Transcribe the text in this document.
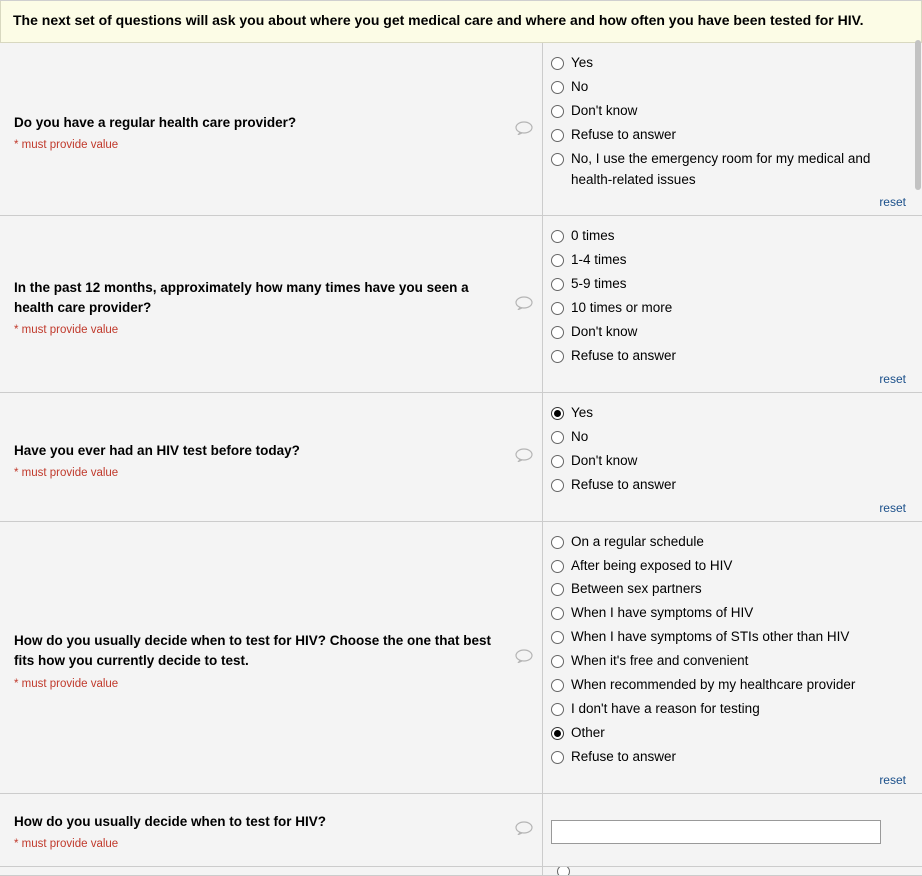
The next set of questions will ask you about where you get medical care and where and how often you have been tested for HIV.
Do you have a regular health care provider?
* must provide value
Yes
No
Don't know
Refuse to answer
No, I use the emergency room for my medical and health-related issues
reset
In the past 12 months, approximately how many times have you seen a health care provider?
* must provide value
0 times
1-4 times
5-9 times
10 times or more
Don't know
Refuse to answer
reset
Have you ever had an HIV test before today?
* must provide value
Yes
No
Don't know
Refuse to answer
reset
How do you usually decide when to test for HIV? Choose the one that best fits how you currently decide to test.
* must provide value
On a regular schedule
After being exposed to HIV
Between sex partners
When I have symptoms of HIV
When I have symptoms of STIs other than HIV
When it's free and convenient
When recommended by my healthcare provider
I don't have a reason for testing
Other
Refuse to answer
reset
How do you usually decide when to test for HIV?
* must provide value
